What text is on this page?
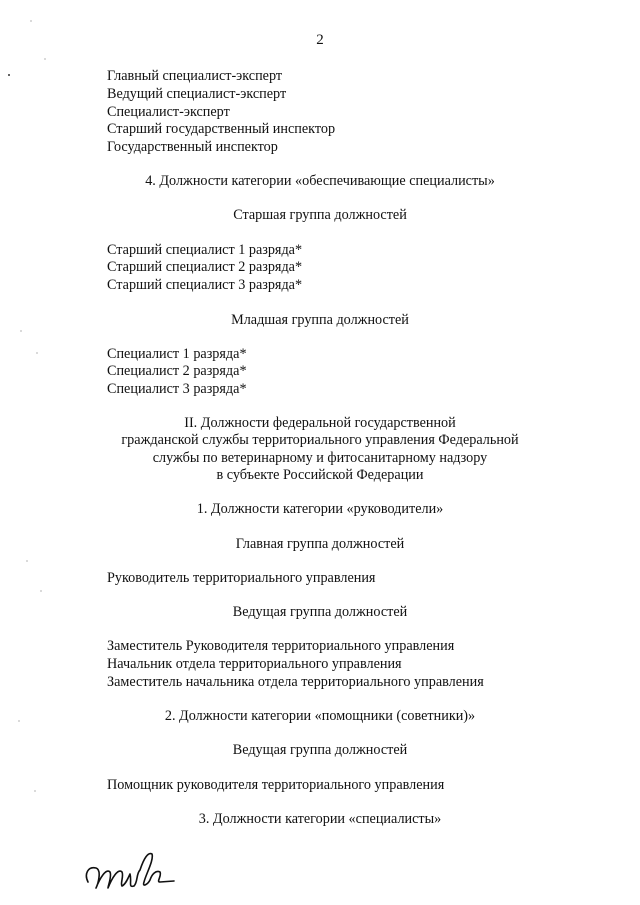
2
Главный специалист-эксперт
Ведущий специалист-эксперт
Специалист-эксперт
Старший государственный инспектор
Государственный инспектор
4. Должности категории «обеспечивающие специалисты»
Старшая группа должностей
Старший специалист 1 разряда*
Старший специалист 2 разряда*
Старший специалист 3 разряда*
Младшая группа должностей
Специалист 1 разряда*
Специалист 2 разряда*
Специалист 3 разряда*
II. Должности федеральной государственной
гражданской службы территориального управления Федеральной
службы по ветеринарному и фитосанитарному надзору
в субъекте Российской Федерации
1. Должности категории «руководители»
Главная группа должностей
Руководитель территориального управления
Ведущая группа должностей
Заместитель Руководителя территориального управления
Начальник отдела территориального управления
Заместитель начальника отдела территориального управления
2. Должности категории «помощники (советники)»
Ведущая группа должностей
Помощник руководителя территориального управления
3. Должности категории «специалисты»
